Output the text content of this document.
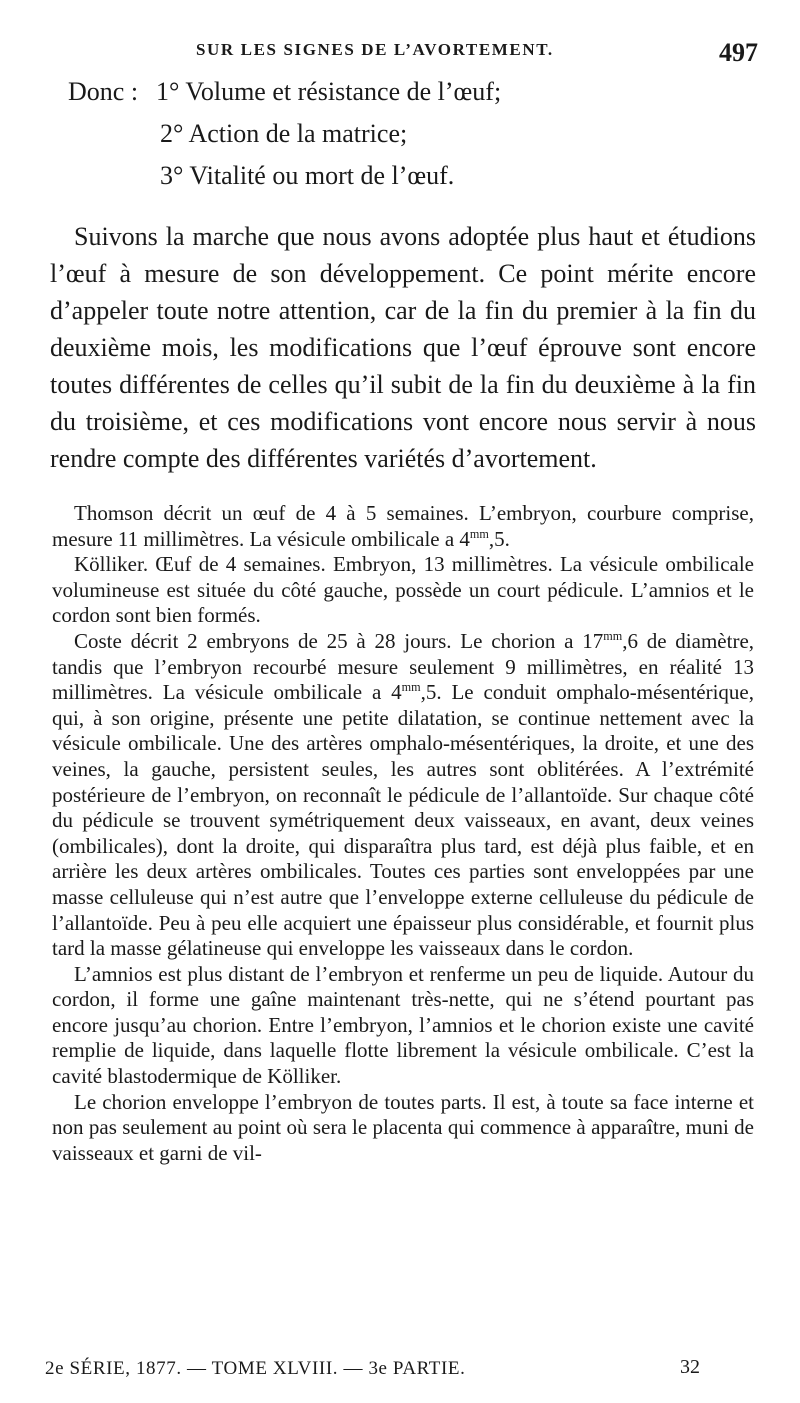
SUR LES SIGNES DE L’AVORTEMENT.	497
Donc : 1° Volume et résistance de l’œuf;
2° Action de la matrice;
3° Vitalité ou mort de l’œuf.

Suivons la marche que nous avons adoptée plus haut et étudions l’œuf à mesure de son développement. Ce point mérite encore d’appeler toute notre attention, car de la fin du premier à la fin du deuxième mois, les modifications que l’œuf éprouve sont encore toutes différentes de celles qu’il subit de la fin du deuxième à la fin du troisième, et ces modifications vont encore nous servir à nous rendre compte des différentes variétés d’avortement.

Thomson décrit un œuf de 4 à 5 semaines. L’embryon, courbure comprise, mesure 11 millimètres. La vésicule ombilicale a $4^{mm},5$.

Kölliker. Œuf de 4 semaines. Embryon, 13 millimètres. La vésicule ombilicale volumineuse est située du côté gauche, possède un court pédicule. L’amnios et le cordon sont bien formés.

Coste décrit 2 embryons de 25 à 28 jours. Le chorion a $17^{mm},6$ de diamètre, tandis que l’embryon recourbé mesure seulement 9 millimètres, en réalité 13 millimètres. La vésicule ombilicale a $4^{mm},5$. Le conduit omphalo-mésentérique, qui, à son origine, présente une petite dilatation, se continue nettement avec la vésicule ombilicale. Une des artères omphalo-mésentériques, la droite, et une des veines, la gauche, persistent seules, les autres sont oblitérées. A l’extrémité postérieure de l’embryon, on reconnaît le pédicule de l’allantoïde. Sur chaque côté du pédicule se trouvent symétriquement deux vaisseaux, en avant, deux veines (ombilicales), dont la droite, qui disparaîtra plus tard, est déjà plus faible, et en arrière les deux artères ombilicales. Toutes ces parties sont enveloppées par une masse celluleuse qui n’est autre que l’enveloppe externe celluleuse du pédicule de l’allantoïde. Peu à peu elle acquiert une épaisseur plus considérable, et fournit plus tard la masse gélatineuse qui enveloppe les vaisseaux dans le cordon.

L’amnios est plus distant de l’embryon et renferme un peu de liquide. Autour du cordon, il forme une gaîne maintenant très-nette, qui ne s’étend pourtant pas encore jusqu’au chorion. Entre l’embryon, l’amnios et le chorion existe une cavité remplie de liquide, dans laquelle flotte librement la vésicule ombilicale. C’est la cavité blastodermique de Kölliker.

Le chorion enveloppe l’embryon de toutes parts. Il est, à toute sa face interne et non pas seulement au point où sera le placenta qui commence à apparaître, muni de vaisseaux et garni de vil-

2e SÉRIE, 1877. — TOME XLVIII. — 3e PARTIE.	32
